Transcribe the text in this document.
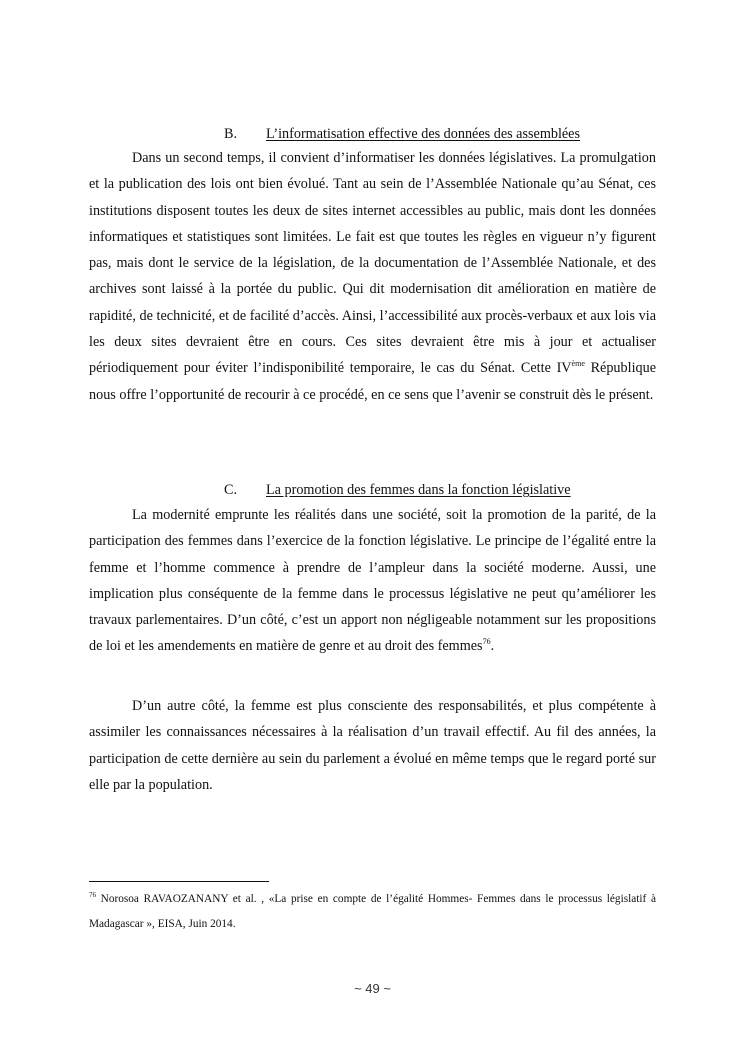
B. L’informatisation effective des données des assemblées

Dans un second temps, il convient d’informatiser les données législatives. La promulgation et la publication des lois ont bien évolué. Tant au sein de l’Assemblée Nationale qu’au Sénat, ces institutions disposent toutes les deux de sites internet accessibles au public, mais dont les données informatiques et statistiques sont limitées. Le fait est que toutes les règles en vigueur n’y figurent pas, mais dont le service de la législation, de la documentation de l’Assemblée Nationale, et des archives sont laissé à la portée du public. Qui dit modernisation dit amélioration en matière de rapidité, de technicité, et de facilité d’accès. Ainsi, l’accessibilité aux procès-verbaux et aux lois via les deux sites devraient être en cours. Ces sites devraient être mis à jour et actualiser périodiquement pour éviter l’indisponibilité temporaire, le cas du Sénat. Cette IVème République nous offre l’opportunité de recourir à ce procédé, en ce sens que l’avenir se construit dès le présent.

C. La promotion des femmes dans la fonction législative

La modernité emprunte les réalités dans une société, soit la promotion de la parité, de la participation des femmes dans l’exercice de la fonction législative. Le principe de l’égalité entre la femme et l’homme commence à prendre de l’ampleur dans la société moderne. Aussi, une implication plus conséquente de la femme dans le processus législative ne peut qu’améliorer les travaux parlementaires. D’un côté, c’est un apport non négligeable notamment sur les propositions de loi et les amendements en matière de genre et au droit des femmes$^{76}$.

D’un autre côté, la femme est plus consciente des responsabilités, et plus compétente à assimiler les connaissances nécessaires à la réalisation d’un travail effectif. Au fil des années, la participation de cette dernière au sein du parlement a évolué en même temps que le regard porté sur elle par la population.

$^{76}$ Norosoa RAVAOZANANY et al. , «La prise en compte de l’égalité Hommes- Femmes dans le processus législatif à Madagascar », EISA, Juin 2014.

~ 49 ~
